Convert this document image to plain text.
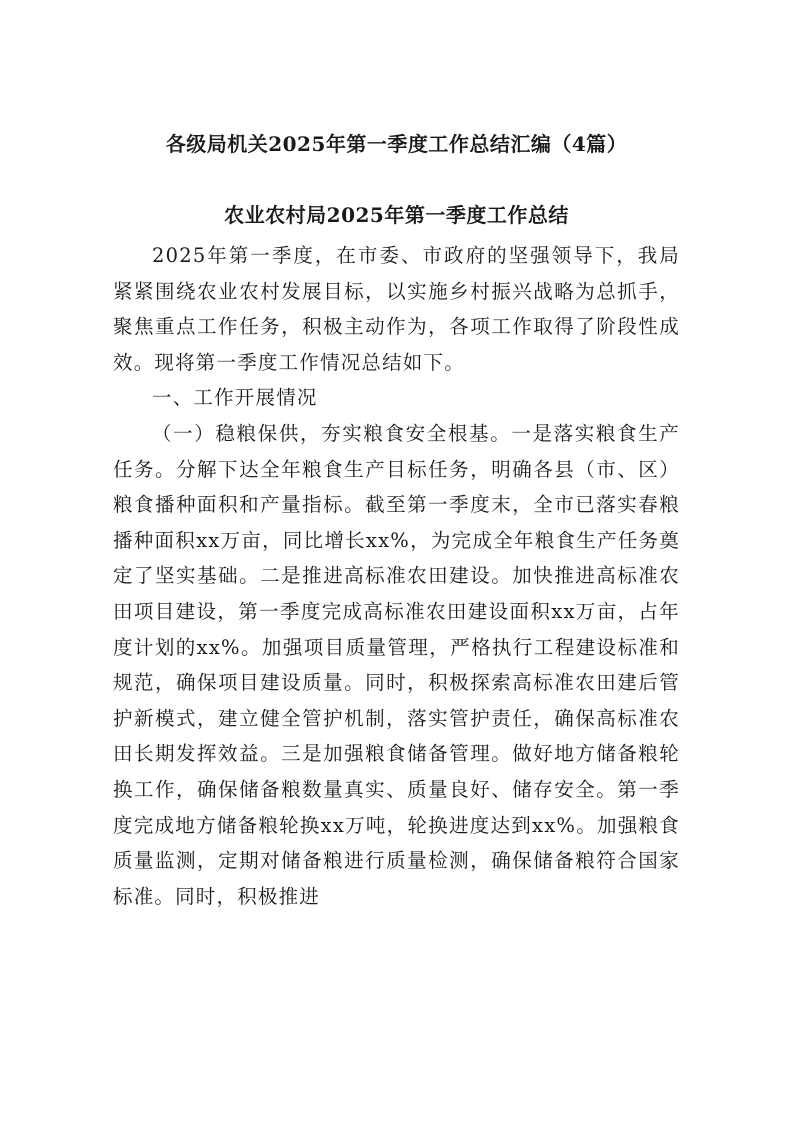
各级局机关2025年第一季度工作总结汇编（4篇）
农业农村局2025年第一季度工作总结

2025年第一季度，在市委、市政府的坚强领导下，我局紧紧围绕农业农村发展目标，以实施乡村振兴战略为总抓手，聚焦重点工作任务，积极主动作为，各项工作取得了阶段性成效。现将第一季度工作情况总结如下。

一、工作开展情况

（一）稳粮保供，夯实粮食安全根基。一是落实粮食生产任务。分解下达全年粮食生产目标任务，明确各县（市、区）粮食播种面积和产量指标。截至第一季度末，全市已落实春粮播种面积xx万亩，同比增长xx%，为完成全年粮食生产任务奠定了坚实基础。二是推进高标准农田建设。加快推进高标准农田项目建设，第一季度完成高标准农田建设面积xx万亩，占年度计划的xx%。加强项目质量管理，严格执行工程建设标准和规范，确保项目建设质量。同时，积极探索高标准农田建后管护新模式，建立健全管护机制，落实管护责任，确保高标准农田长期发挥效益。三是加强粮食储备管理。做好地方储备粮轮换工作，确保储备粮数量真实、质量良好、储存安全。第一季度完成地方储备粮轮换xx万吨，轮换进度达到xx%。加强粮食质量监测，定期对储备粮进行质量检测，确保储备粮符合国家标准。同时，积极推进
